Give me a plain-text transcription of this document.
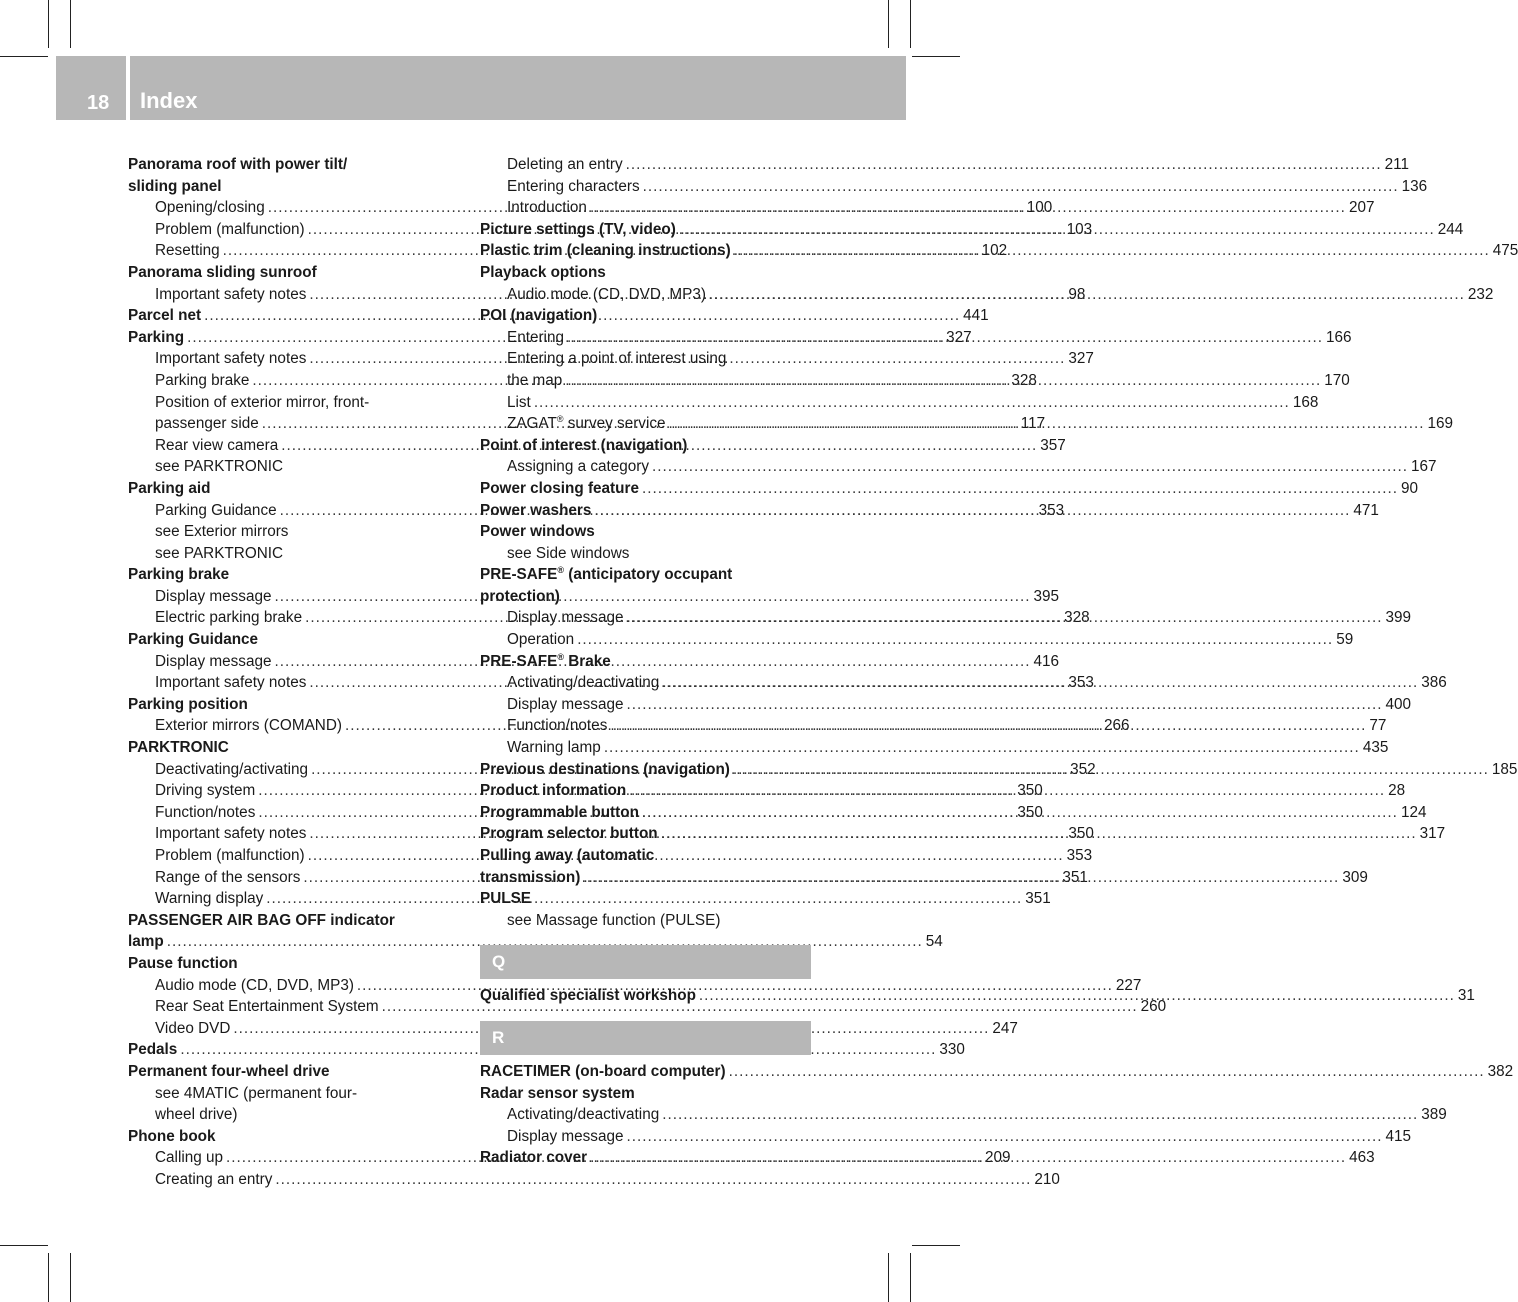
18 Index
Panorama roof with power tilt/
sliding panel
Opening/closing .....	100
Problem (malfunction) .....	103
Resetting .....	102
Panorama sliding sunroof
Important safety notes .....	98
Parcel net .....	441
Parking .....	327
Important safety notes .....	327
Parking brake .....	328
Position of exterior mirror, front-
passenger side .....	117
Rear view camera .....	357
see PARKTRONIC
Parking aid
Parking Guidance .....	353
see Exterior mirrors
see PARKTRONIC
Parking brake
Display message .....	395
Electric parking brake .....	328
Parking Guidance
Display message .....	416
Important safety notes .....	353
Parking position
Exterior mirrors (COMAND) .....	266
PARKTRONIC
Deactivating/activating .....	352
Driving system .....	350
Function/notes .....	350
Important safety notes .....	350
Problem (malfunction) .....	353
Range of the sensors .....	351
Warning display .....	351
PASSENGER AIR BAG OFF indicator
lamp .....	54
Pause function
Audio mode (CD, DVD, MP3) .....	227
Rear Seat Entertainment System .....	260
Video DVD .....	247
Pedals .....	330
Permanent four-wheel drive
see 4MATIC (permanent four-
wheel drive)
Phone book
Calling up .....	209
Creating an entry .....	210
Deleting an entry .....	211
Entering characters .....	136
Introduction .....	207
Picture settings (TV, video) .....	244
Plastic trim (cleaning instructions) .....	475
Playback options
Audio mode (CD, DVD, MP3) .....	232
POI (navigation)
Entering .....	166
Entering a point of interest using
the map .....	170
List .....	168
ZAGAT® survey service .....	169
Point of interest (navigation)
Assigning a category .....	167
Power closing feature .....	90
Power washers .....	471
Power windows
see Side windows
PRE-SAFE® (anticipatory occupant
protection)
Display message .....	399
Operation .....	59
PRE-SAFE® Brake
Activating/deactivating .....	386
Display message .....	400
Function/notes .....	77
Warning lamp .....	435
Previous destinations (navigation) .....	185
Product information .....	28
Programmable button .....	124
Program selector button .....	317
Pulling away (automatic
transmission) .....	309
PULSE
see Massage function (PULSE)
Q
Qualified specialist workshop .....	31
R
RACETIMER (on-board computer) .....	382
Radar sensor system
Activating/deactivating .....	389
Display message .....	415
Radiator cover .....	463
